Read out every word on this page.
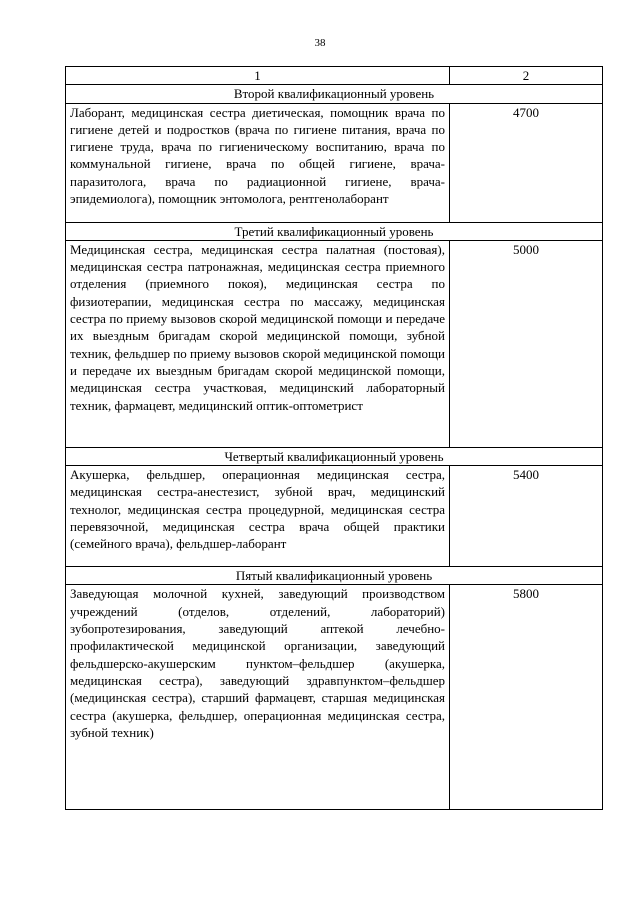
38
1	2
Второй квалификационный уровень	
Лаборант, медицинская сестра диетическая, помощник врача по гигиене детей и подростков (врача по гигиене питания, врача по гигиене труда, врача по гигиеническому воспитанию, врача по коммунальной гигиене, врача по общей гигиене, врача-паразитолога, врача по радиационной гигиене, врача-эпидемиолога), помощник энтомолога, рентгенолаборант	4700
Третий квалификационный уровень	
Медицинская сестра, медицинская сестра палатная (постовая), медицинская сестра патронажная, медицинская сестра приемного отделения (приемного покоя), медицинская сестра по физиотерапии, медицинская сестра по массажу, медицинская сестра по приему вызовов скорой медицинской помощи и передаче их выездным бригадам скорой медицинской помощи, зубной техник, фельдшер по приему вызовов скорой медицинской помощи и передаче их выездным бригадам скорой медицинской помощи, медицинская сестра участковая, медицинский лабораторный техник, фармацевт, медицинский оптик-оптометрист	5000
Четвертый квалификационный уровень	
Акушерка, фельдшер, операционная медицинская сестра, медицинская сестра-анестезист, зубной врач, медицинский технолог, медицинская сестра процедурной, медицинская сестра перевязочной, медицинская сестра врача общей практики (семейного врача), фельдшер-лаборант	5400
Пятый квалификационный уровень	
Заведующая молочной кухней, заведующий производством учреждений (отделов, отделений, лабораторий) зубопротезирования, заведующий аптекой лечебно-профилактической медицинской организации, заведующий фельдшерско-акушерским пунктом–фельдшер (акушерка, медицинская сестра), заведующий здравпунктом–фельдшер (медицинская сестра), старший фармацевт, старшая медицинская сестра (акушерка, фельдшер, операционная медицинская сестра, зубной техник)	5800
